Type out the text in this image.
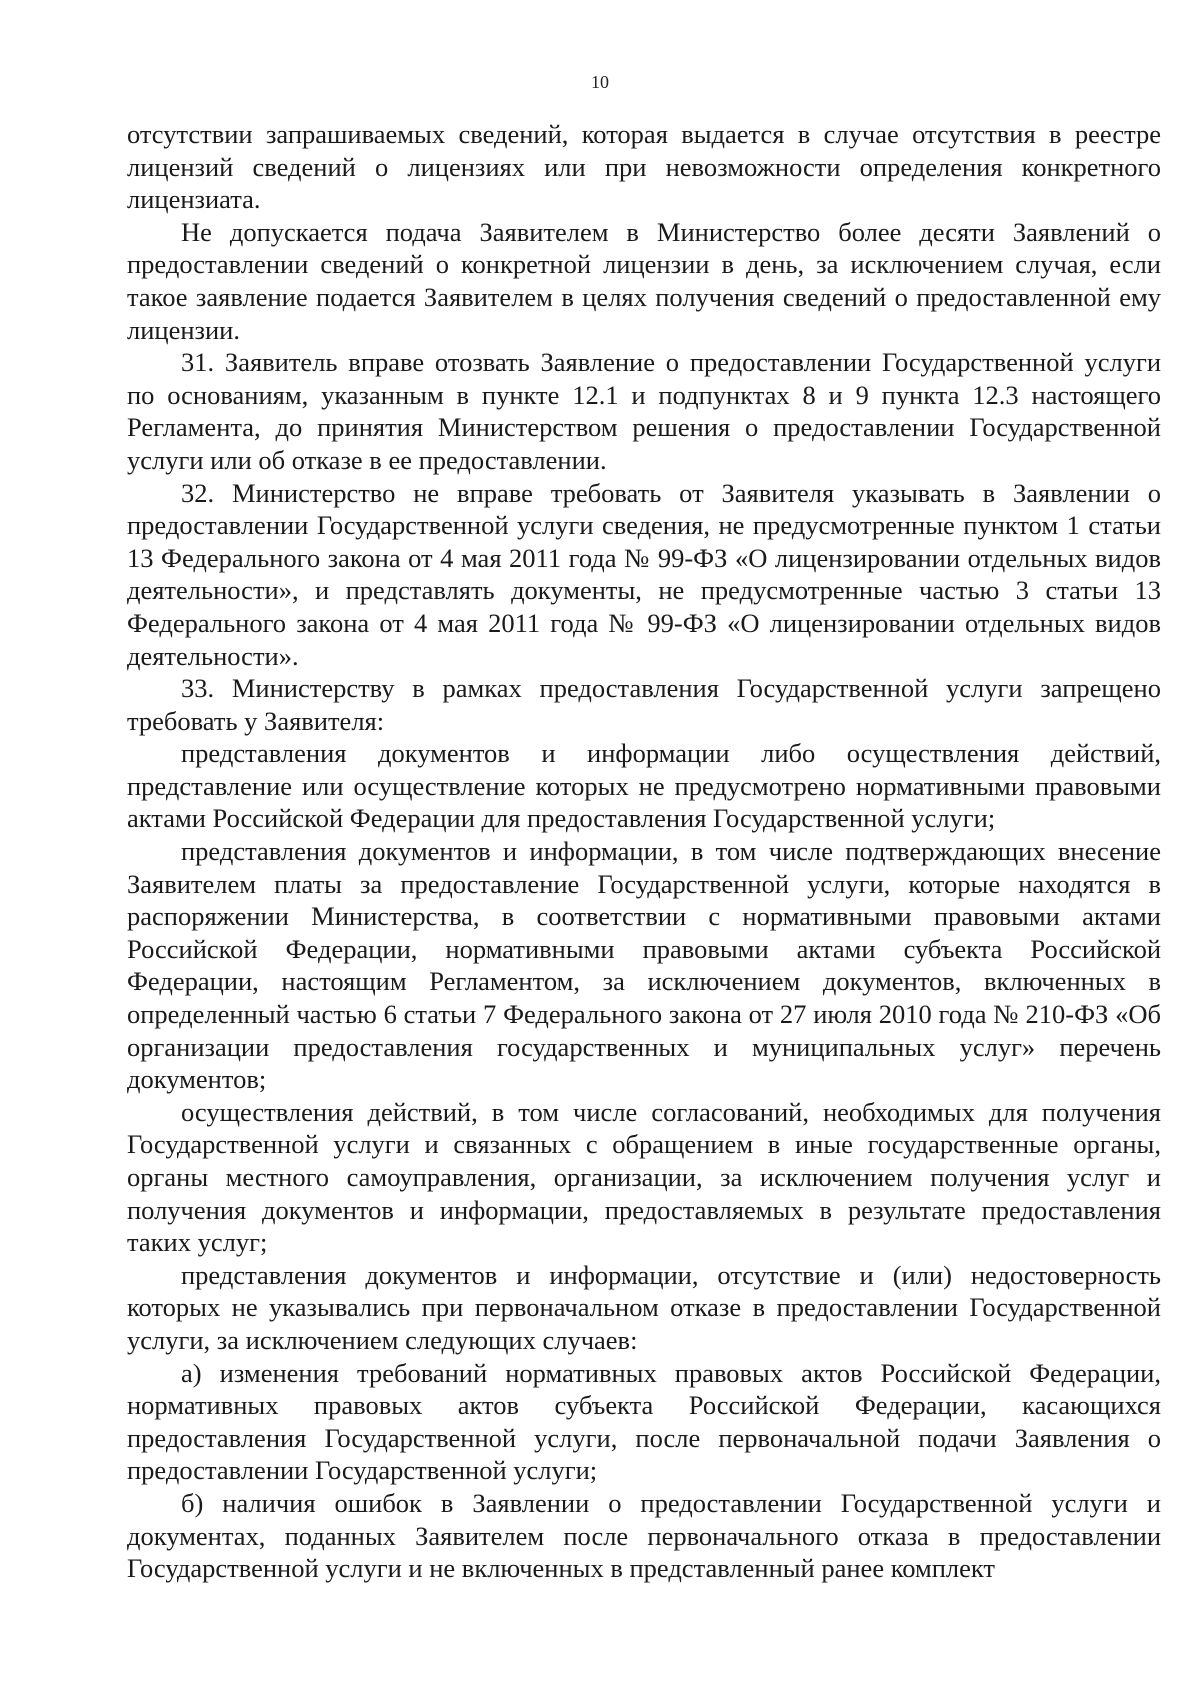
10

отсутствии запрашиваемых сведений, которая выдается в случае отсутствия в реестре лицензий сведений о лицензиях или при невозможности определения конкретного лицензиата.

Не допускается подача Заявителем в Министерство более десяти Заявлений о предоставлении сведений о конкретной лицензии в день, за исключением случая, если такое заявление подается Заявителем в целях получения сведений о предоставленной ему лицензии.

31. Заявитель вправе отозвать Заявление о предоставлении Государственной услуги по основаниям, указанным в пункте 12.1 и подпунктах 8 и 9 пункта 12.3 настоящего Регламента, до принятия Министерством решения о предоставлении Государственной услуги или об отказе в ее предоставлении.

32. Министерство не вправе требовать от Заявителя указывать в Заявлении о предоставлении Государственной услуги сведения, не предусмотренные пунктом 1 статьи 13 Федерального закона от 4 мая 2011 года № 99-ФЗ «О лицензировании отдельных видов деятельности», и представлять документы, не предусмотренные частью 3 статьи 13 Федерального закона от 4 мая 2011 года № 99-ФЗ «О лицензировании отдельных видов деятельности».

33. Министерству в рамках предоставления Государственной услуги запрещено требовать у Заявителя:

представления документов и информации либо осуществления действий, представление или осуществление которых не предусмотрено нормативными правовыми актами Российской Федерации для предоставления Государственной услуги;

представления документов и информации, в том числе подтверждающих внесение Заявителем платы за предоставление Государственной услуги, которые находятся в распоряжении Министерства, в соответствии с нормативными правовыми актами Российской Федерации, нормативными правовыми актами субъекта Российской Федерации, настоящим Регламентом, за исключением документов, включенных в определенный частью 6 статьи 7 Федерального закона от 27 июля 2010 года № 210-ФЗ «Об организации предоставления государственных и муниципальных услуг» перечень документов;

осуществления действий, в том числе согласований, необходимых для получения Государственной услуги и связанных с обращением в иные государственные органы, органы местного самоуправления, организации, за исключением получения услуг и получения документов и информации, предоставляемых в результате предоставления таких услуг;

представления документов и информации, отсутствие и (или) недостоверность которых не указывались при первоначальном отказе в предоставлении Государственной услуги, за исключением следующих случаев:

а) изменения требований нормативных правовых актов Российской Федерации, нормативных правовых актов субъекта Российской Федерации, касающихся предоставления Государственной услуги, после первоначальной подачи Заявления о предоставлении Государственной услуги;

б) наличия ошибок в Заявлении о предоставлении Государственной услуги и документах, поданных Заявителем после первоначального отказа в предоставлении Государственной услуги и не включенных в представленный ранее комплект
